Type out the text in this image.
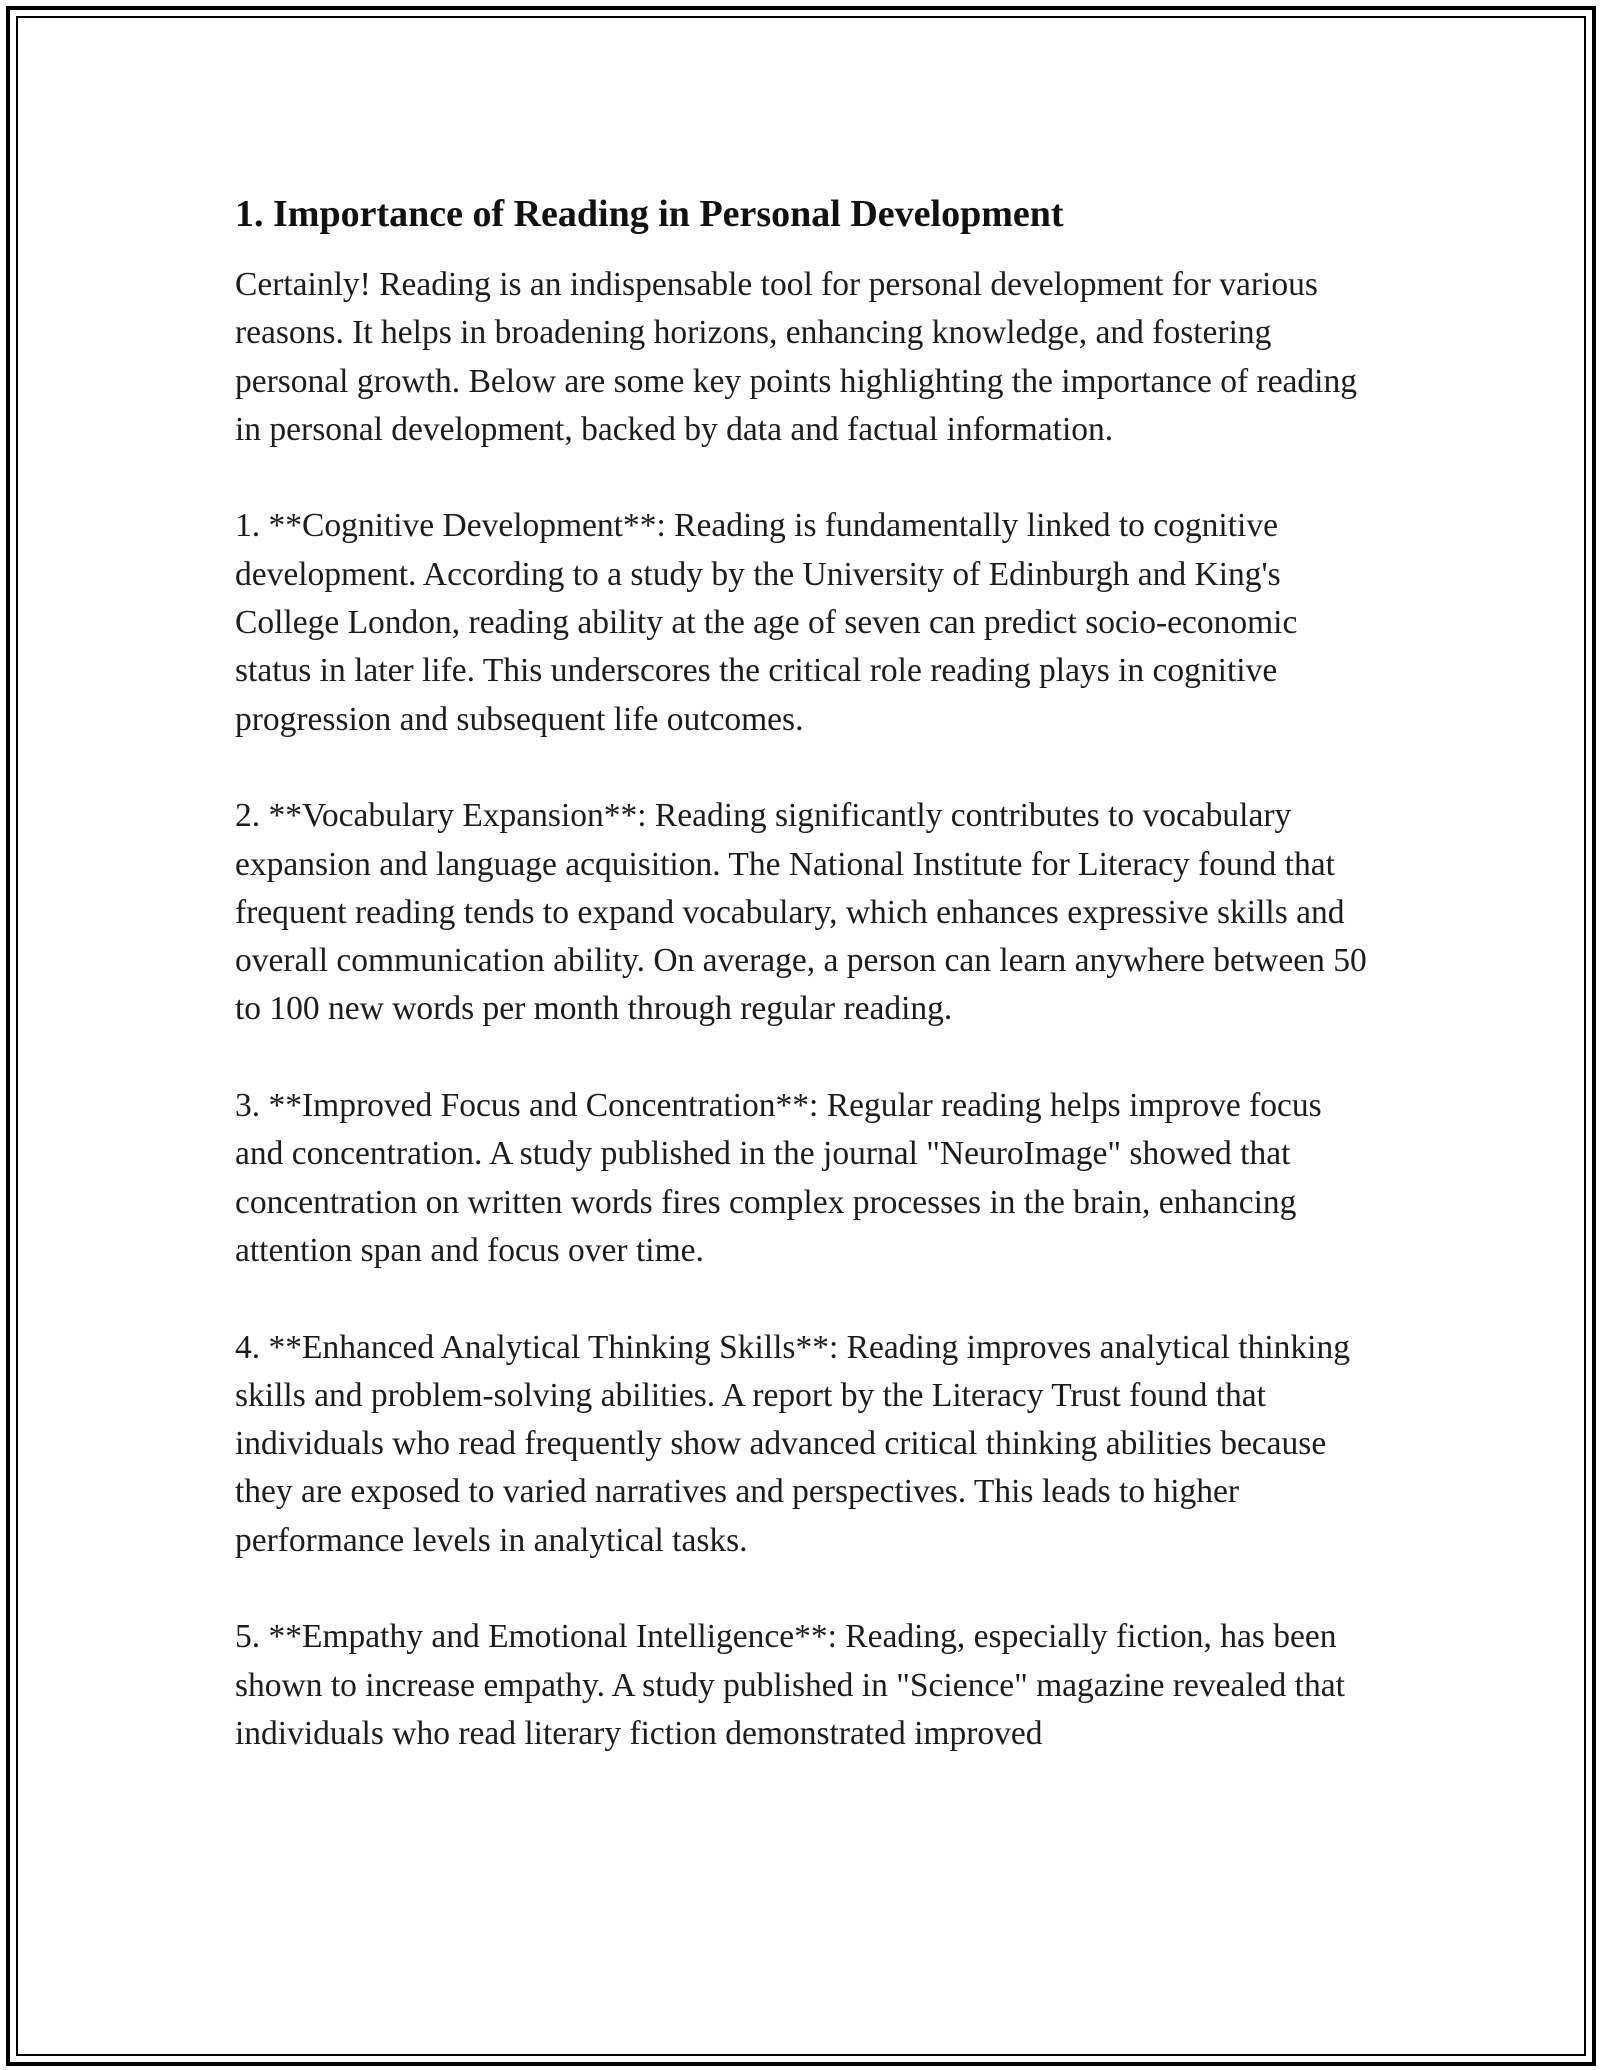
1. Importance of Reading in Personal Development

Certainly! Reading is an indispensable tool for personal development for various reasons. It helps in broadening horizons, enhancing knowledge, and fostering personal growth. Below are some key points highlighting the importance of reading in personal development, backed by data and factual information.

1. **Cognitive Development**: Reading is fundamentally linked to cognitive development. According to a study by the University of Edinburgh and King's College London, reading ability at the age of seven can predict socio-economic status in later life. This underscores the critical role reading plays in cognitive progression and subsequent life outcomes.

2. **Vocabulary Expansion**: Reading significantly contributes to vocabulary expansion and language acquisition. The National Institute for Literacy found that frequent reading tends to expand vocabulary, which enhances expressive skills and overall communication ability. On average, a person can learn anywhere between 50 to 100 new words per month through regular reading.

3. **Improved Focus and Concentration**: Regular reading helps improve focus and concentration. A study published in the journal "NeuroImage" showed that concentration on written words fires complex processes in the brain, enhancing attention span and focus over time.

4. **Enhanced Analytical Thinking Skills**: Reading improves analytical thinking skills and problem-solving abilities. A report by the Literacy Trust found that individuals who read frequently show advanced critical thinking abilities because they are exposed to varied narratives and perspectives. This leads to higher performance levels in analytical tasks.

5. **Empathy and Emotional Intelligence**: Reading, especially fiction, has been shown to increase empathy. A study published in "Science" magazine revealed that individuals who read literary fiction demonstrated improved
